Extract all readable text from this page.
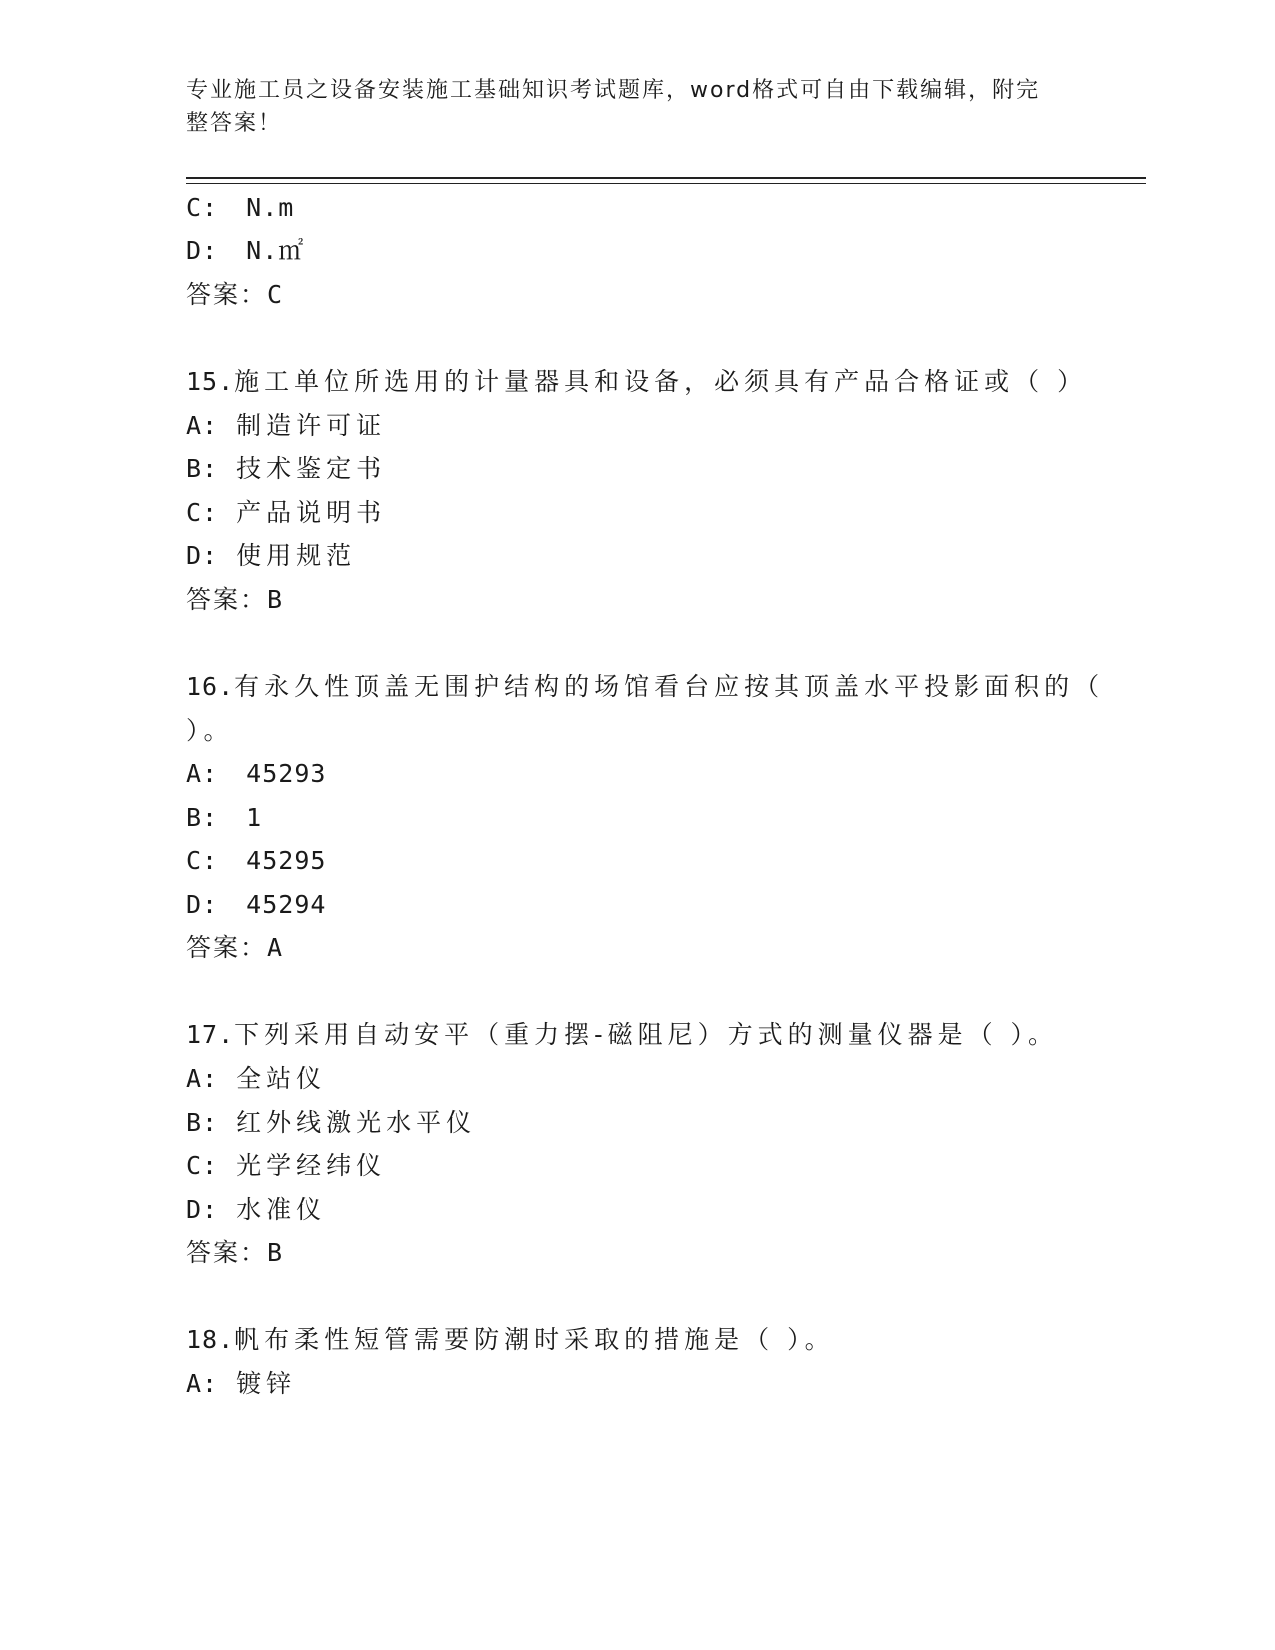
专业施工员之设备安装施工基础知识考试题库，word格式可自由下载编辑，附完
整答案！
C: N.m
D: N.㎡
答案：C
15.施工单位所选用的计量器具和设备，必须具有产品合格证或（ ）
A: 制造许可证
B: 技术鉴定书
C: 产品说明书
D: 使用规范
答案：B
16.有永久性顶盖无围护结构的场馆看台应按其顶盖水平投影面积的（
）。
A: 45293
B: 1
C: 45295
D: 45294
答案：A
17.下列采用自动安平（重力摆-磁阻尼）方式的测量仪器是（ ）。
A: 全站仪
B: 红外线激光水平仪
C: 光学经纬仪
D: 水准仪
答案：B
18.帆布柔性短管需要防潮时采取的措施是（ ）。
A: 镀锌
